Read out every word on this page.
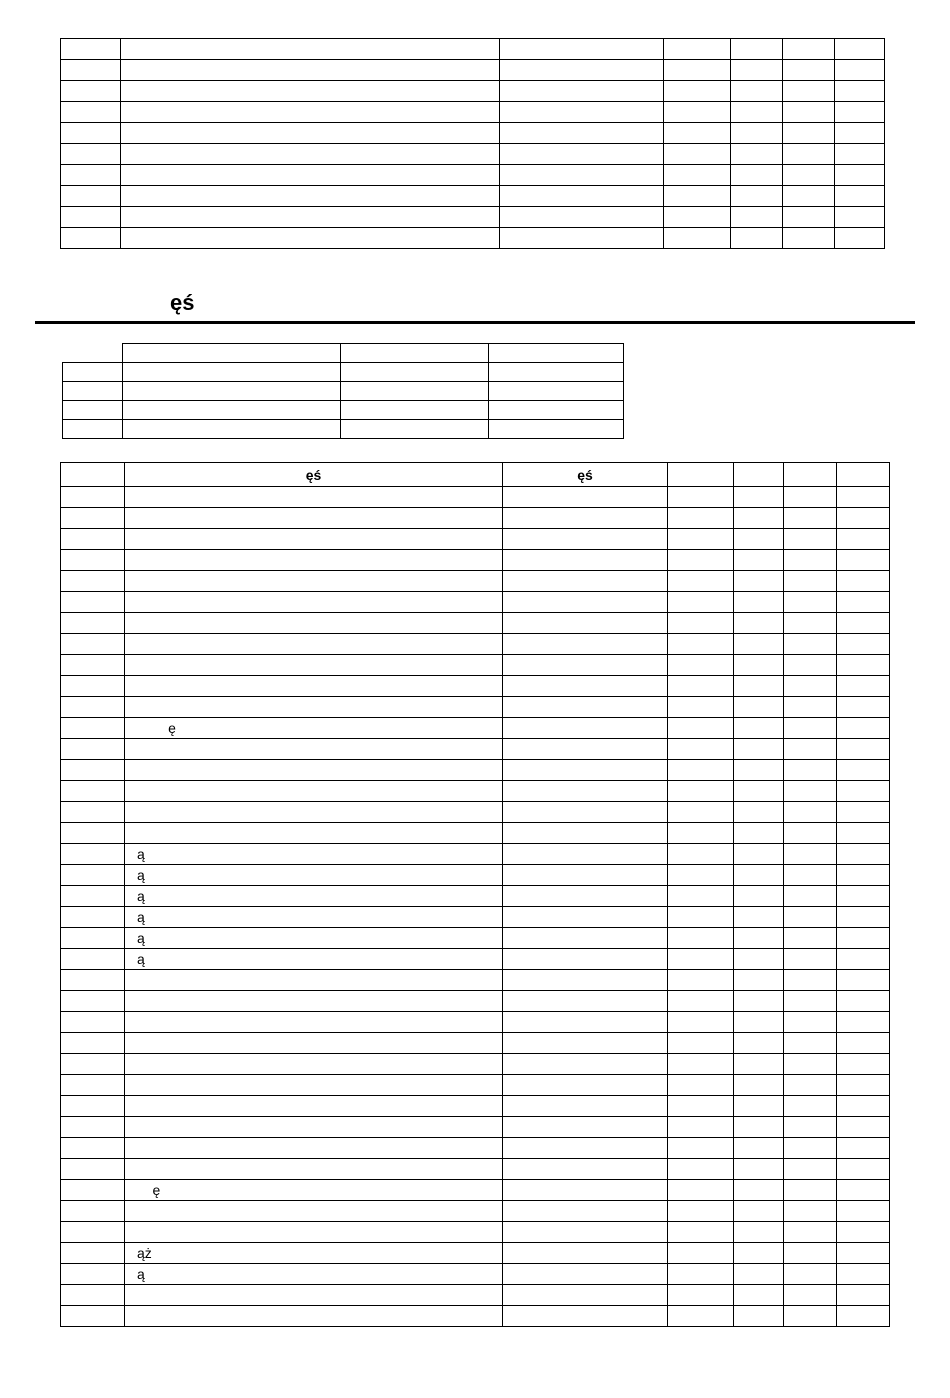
ęś

	ęś	ęś				

	ę					

	ą					
	ą					
	ą					
	ą					
	ą					
	ą					

	ę					

	ąż					
	ą					
